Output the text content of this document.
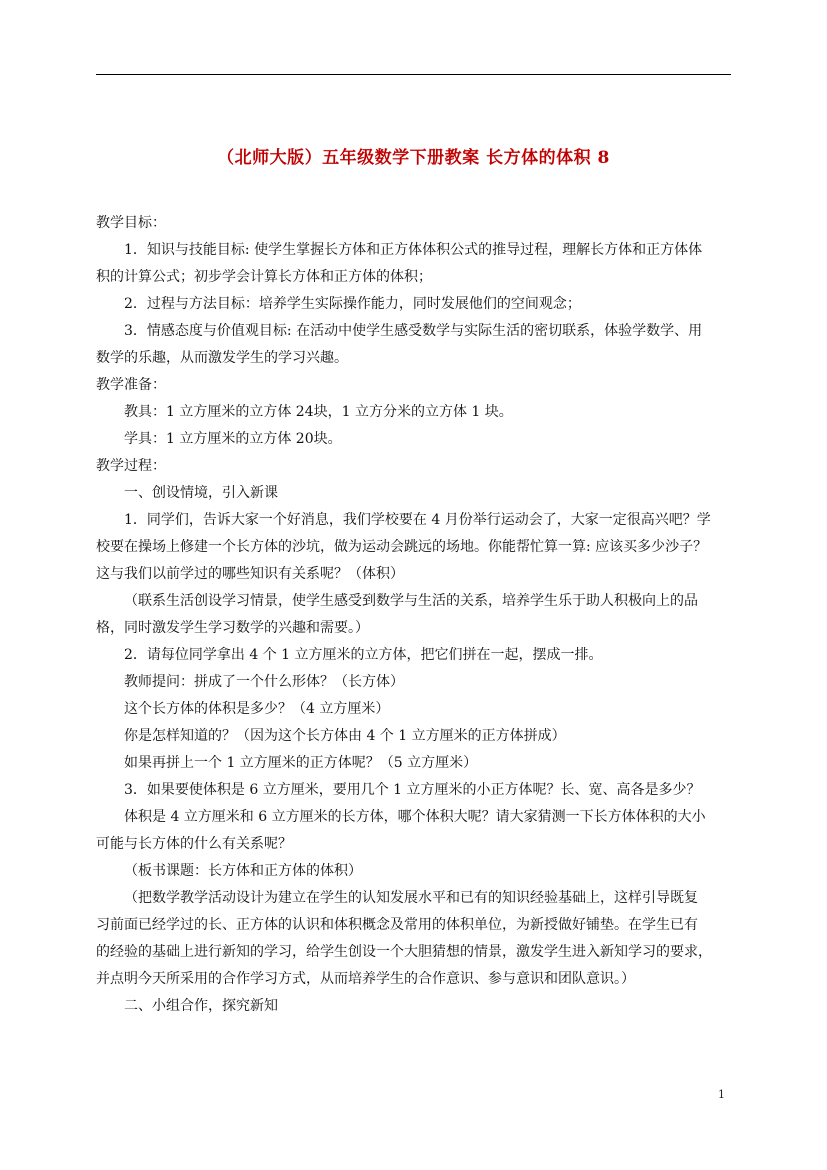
（北师大版）五年级数学下册教案 长方体的体积 8

教学目标：

1．知识与技能目标: 使学生掌握长方体和正方体体积公式的推导过程，理解长方体和正方体体

积的计算公式；初步学会计算长方体和正方体的体积；

2．过程与方法目标：培养学生实际操作能力，同时发展他们的空间观念；

3．情感态度与价值观目标: 在活动中使学生感受数学与实际生活的密切联系，体验学数学、用

数学的乐趣，从而激发学生的学习兴趣。

教学准备：

教具：1 立方厘米的立方体 24块，1 立方分米的立方体 1 块。

学具：1 立方厘米的立方体 20块。

教学过程：

一、创设情境，引入新课

1．同学们，告诉大家一个好消息，我们学校要在 4 月份举行运动会了，大家一定很高兴吧？学

校要在操场上修建一个长方体的沙坑，做为运动会跳远的场地。你能帮忙算一算: 应该买多少沙子？

这与我们以前学过的哪些知识有关系呢？（体积）

（联系生活创设学习情景，使学生感受到数学与生活的关系，培养学生乐于助人积极向上的品

格，同时激发学生学习数学的兴趣和需要。）

2．请每位同学拿出 4 个 1 立方厘米的立方体，把它们拼在一起，摆成一排。

教师提问：拼成了一个什么形体？（长方体）

这个长方体的体积是多少？（4 立方厘米）

你是怎样知道的？（因为这个长方体由 4 个 1 立方厘米的正方体拼成）

如果再拼上一个 1 立方厘米的正方体呢？（5 立方厘米）

3．如果要使体积是 6 立方厘米，要用几个 1 立方厘米的小正方体呢？长、宽、高各是多少？

体积是 4 立方厘米和 6 立方厘米的长方体，哪个体积大呢？请大家猜测一下长方体体积的大小

可能与长方体的什么有关系呢？

（板书课题：长方体和正方体的体积）

（把数学教学活动设计为建立在学生的认知发展水平和已有的知识经验基础上，这样引导既复

习前面已经学过的长、正方体的认识和体积概念及常用的体积单位，为新授做好铺垫。在学生已有

的经验的基础上进行新知的学习，给学生创设一个大胆猜想的情景，激发学生进入新知学习的要求，

并点明今天所采用的合作学习方式，从而培养学生的合作意识、参与意识和团队意识。）

二、小组合作，探究新知

1
